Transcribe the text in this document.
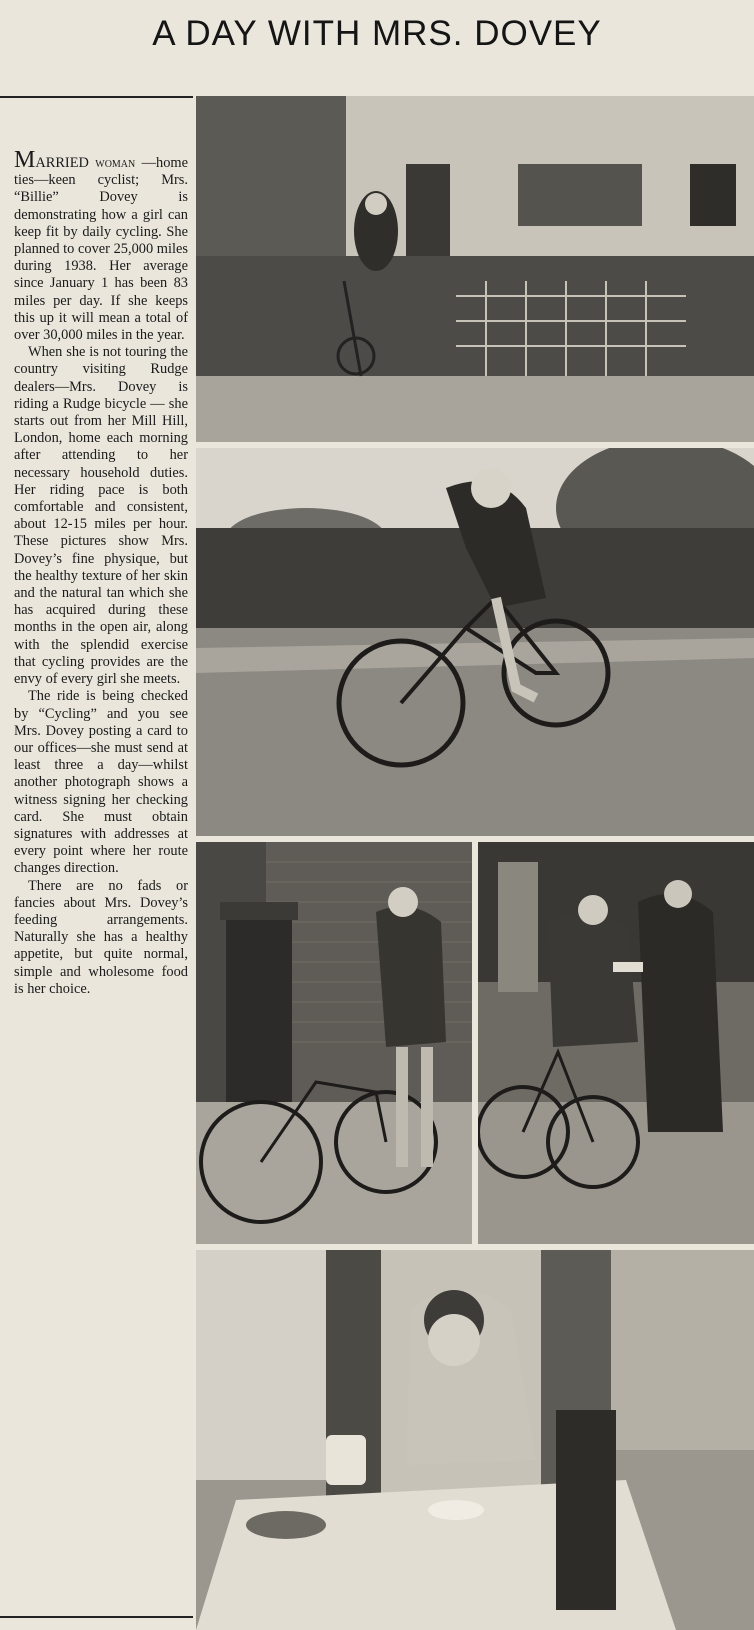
A DAY WITH MRS. DOVEY

MARRIED woman —home ties—keen cyclist; Mrs. “Billie” Dovey is demonstrating how a girl can keep fit by daily cycling. She planned to cover 25,000 miles during 1938. Her average since January 1 has been 83 miles per day. If she keeps this up it will mean a total of over 30,000 miles in the year.

When she is not touring the country visiting Rudge dealers—Mrs. Dovey is riding a Rudge bicycle — she starts out from her Mill Hill, London, home each morning after attending to her necessary household duties. Her riding pace is both comfortable and consistent, about 12-15 miles per hour. These pictures show Mrs. Dovey’s fine physique, but the healthy texture of her skin and the natural tan which she has acquired during these months in the open air, along with the splendid exercise that cycling provides are the envy of every girl she meets.

The ride is being checked by “Cycling” and you see Mrs. Dovey posting a card to our offices—she must send at least three a day—whilst another photograph shows a witness signing her checking card. She must obtain signatures with addresses at every point where her route changes direction.

There are no fads or fancies about Mrs. Dovey’s feeding arrangements. Naturally she has a healthy appetite, but quite normal, simple and wholesome food is her choice.
